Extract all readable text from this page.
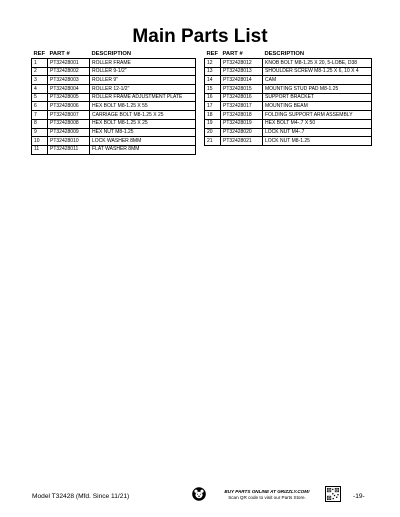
Main Parts List
REF	PART #	DESCRIPTION
1	PT32428001	ROLLER FRAME
2	PT32428002	ROLLER 9-1/2"
3	PT32428003	ROLLER 9"
4	PT32428004	ROLLER 12-1/2"
5	PT32428005	ROLLER FRAME ADJUSTMENT PLATE
6	PT32428006	HEX BOLT M8-1.25 X 55
7	PT32428007	CARRIAGE BOLT M8-1.25 X 25
8	PT32428008	HEX BOLT M8-1.25 X 25
9	PT32428009	HEX NUT M8-1.25
10	PT32428010	LOCK WASHER 8MM
11	PT32428011	FLAT WASHER 8MM
REF	PART #	DESCRIPTION
12	PT32428012	KNOB BOLT M8-1.25 X 20, 5-LOBE, D38
13	PT32428013	SHOULDER SCREW M8-1.25 X 6, 10 X 4
14	PT32428014	CAM
15	PT32428015	MOUNTING STUD PAD M8-1.25
16	PT32428016	SUPPORT BRACKET
17	PT32428017	MOUNTING BEAM
18	PT32428018	FOLDING SUPPORT ARM ASSEMBLY
19	PT32428019	HEX BOLT M4-.7 X 50
20	PT32428020	LOCK NUT M4-.7
21	PT32428021	LOCK NUT M8-1.25
Model T32428 (Mfd. Since 11/21)
BUY PARTS ONLINE AT GRIZZLY.COM!
Scan QR code to visit our Parts Store.	-19-
